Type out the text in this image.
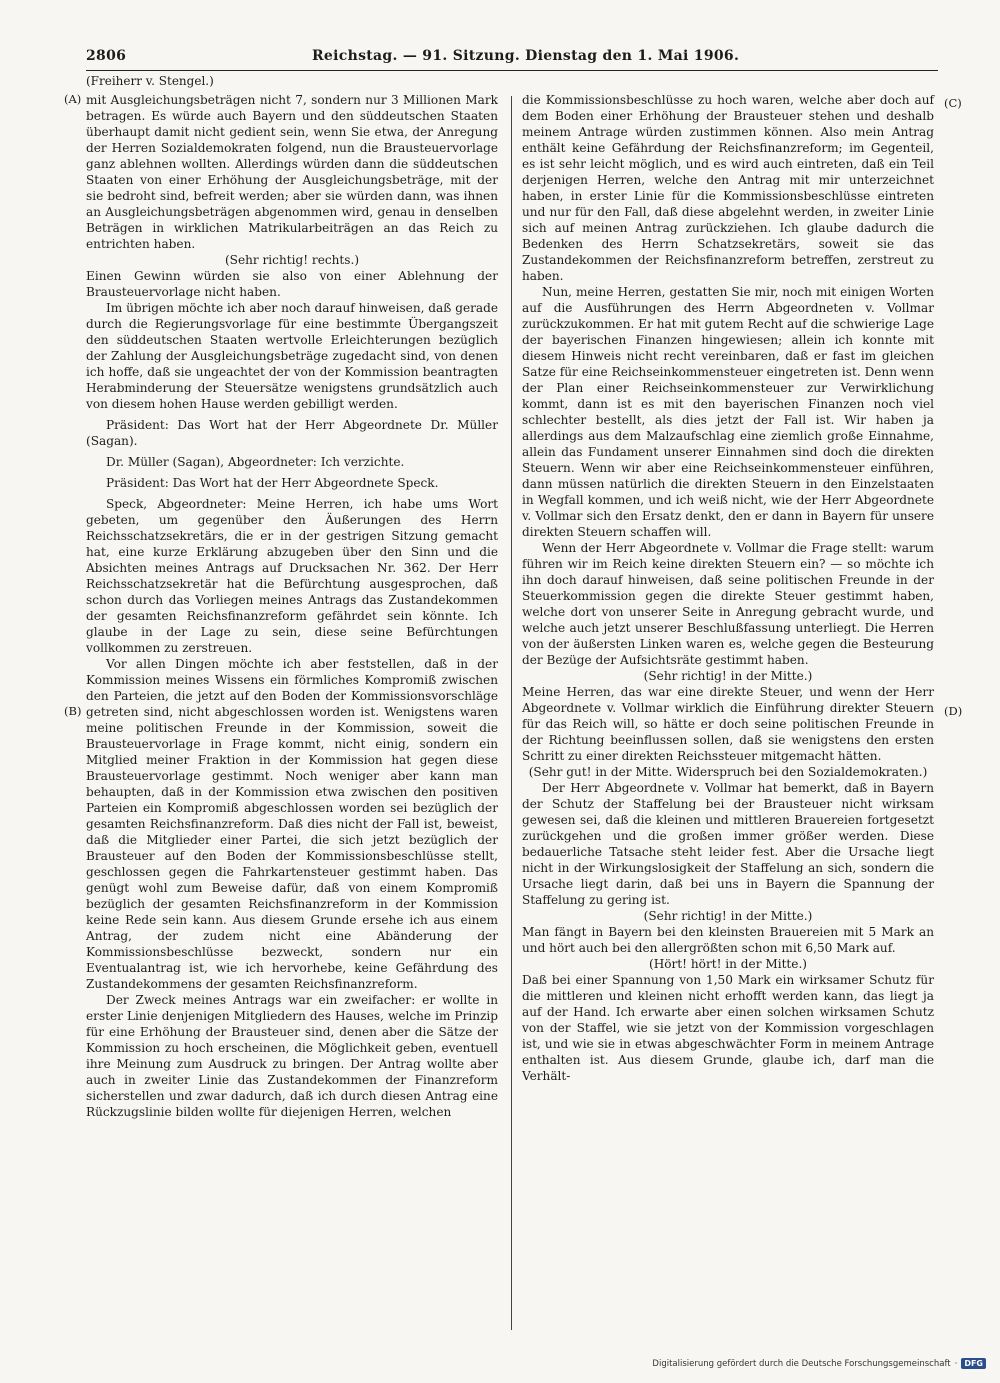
2806	Reichstag. — 91. Sitzung. Dienstag den 1. Mai 1906.
(Freiherr v. Stengel.)
(A)
(B)
(C)
(D)

mit Ausgleichungsbeträgen nicht 7, sondern nur 3 Millionen Mark betragen. Es würde auch Bayern und den süddeutschen Staaten überhaupt damit nicht gedient sein, wenn Sie etwa, der Anregung der Herren Sozialdemokraten folgend, nun die Brausteuervorlage ganz ablehnen wollten. Allerdings würden dann die süddeutschen Staaten von einer Erhöhung der Ausgleichungsbeträge, mit der sie bedroht sind, befreit werden; aber sie würden dann, was ihnen an Ausgleichungsbeträgen abgenommen wird, genau in denselben Beträgen in wirklichen Matrikularbeiträgen an das Reich zu entrichten haben.

(Sehr richtig! rechts.)

Einen Gewinn würden sie also von einer Ablehnung der Brausteuervorlage nicht haben.

Im übrigen möchte ich aber noch darauf hinweisen, daß gerade durch die Regierungsvorlage für eine bestimmte Übergangszeit den süddeutschen Staaten wertvolle Erleichterungen bezüglich der Zahlung der Ausgleichungsbeträge zugedacht sind, von denen ich hoffe, daß sie ungeachtet der von der Kommission beantragten Herabminderung der Steuersätze wenigstens grundsätzlich auch von diesem hohen Hause werden gebilligt werden.

Präsident: Das Wort hat der Herr Abgeordnete Dr. Müller (Sagan).

Dr. Müller (Sagan), Abgeordneter: Ich verzichte.

Präsident: Das Wort hat der Herr Abgeordnete Speck.

Speck, Abgeordneter: Meine Herren, ich habe ums Wort gebeten, um gegenüber den Äußerungen des Herrn Reichsschatzsekretärs, die er in der gestrigen Sitzung gemacht hat, eine kurze Erklärung abzugeben über den Sinn und die Absichten meines Antrags auf Drucksachen Nr. 362. Der Herr Reichsschatzsekretär hat die Befürchtung ausgesprochen, daß schon durch das Vorliegen meines Antrags das Zustandekommen der gesamten Reichsfinanzreform gefährdet sein könnte. Ich glaube in der Lage zu sein, diese seine Befürchtungen vollkommen zu zerstreuen.

Vor allen Dingen möchte ich aber feststellen, daß in der Kommission meines Wissens ein förmliches Kompromiß zwischen den Parteien, die jetzt auf den Boden der Kommissionsvorschläge getreten sind, nicht abgeschlossen worden ist. Wenigstens waren meine politischen Freunde in der Kommission, soweit die Brausteuervorlage in Frage kommt, nicht einig, sondern ein Mitglied meiner Fraktion in der Kommission hat gegen diese Brausteuervorlage gestimmt. Noch weniger aber kann man behaupten, daß in der Kommission etwa zwischen den positiven Parteien ein Kompromiß abgeschlossen worden sei bezüglich der gesamten Reichsfinanzreform. Daß dies nicht der Fall ist, beweist, daß die Mitglieder einer Partei, die sich jetzt bezüglich der Brausteuer auf den Boden der Kommissionsbeschlüsse stellt, geschlossen gegen die Fahrkartensteuer gestimmt haben. Das genügt wohl zum Beweise dafür, daß von einem Kompromiß bezüglich der gesamten Reichsfinanzreform in der Kommission keine Rede sein kann. Aus diesem Grunde ersehe ich aus einem Antrag, der zudem nicht eine Abänderung der Kommissionsbeschlüsse bezweckt, sondern nur ein Eventualantrag ist, wie ich hervorhebe, keine Gefährdung des Zustandekommens der gesamten Reichsfinanzreform.

Der Zweck meines Antrags war ein zweifacher: er wollte in erster Linie denjenigen Mitgliedern des Hauses, welche im Prinzip für eine Erhöhung der Brausteuer sind, denen aber die Sätze der Kommission zu hoch erscheinen, die Möglichkeit geben, eventuell ihre Meinung zum Ausdruck zu bringen. Der Antrag wollte aber auch in zweiter Linie das Zustandekommen der Finanzreform sicherstellen und zwar dadurch, daß ich durch diesen Antrag eine Rückzugslinie bilden wollte für diejenigen Herren, welchen

die Kommissionsbeschlüsse zu hoch waren, welche aber doch auf dem Boden einer Erhöhung der Brausteuer stehen und deshalb meinem Antrage würden zustimmen können. Also mein Antrag enthält keine Gefährdung der Reichsfinanzreform; im Gegenteil, es ist sehr leicht möglich, und es wird auch eintreten, daß ein Teil derjenigen Herren, welche den Antrag mit mir unterzeichnet haben, in erster Linie für die Kommissionsbeschlüsse eintreten und nur für den Fall, daß diese abgelehnt werden, in zweiter Linie sich auf meinen Antrag zurückziehen. Ich glaube dadurch die Bedenken des Herrn Schatzsekretärs, soweit sie das Zustandekommen der Reichsfinanzreform betreffen, zerstreut zu haben.

Nun, meine Herren, gestatten Sie mir, noch mit einigen Worten auf die Ausführungen des Herrn Abgeordneten v. Vollmar zurückzukommen. Er hat mit gutem Recht auf die schwierige Lage der bayerischen Finanzen hingewiesen; allein ich konnte mit diesem Hinweis nicht recht vereinbaren, daß er fast im gleichen Satze für eine Reichseinkommensteuer eingetreten ist. Denn wenn der Plan einer Reichseinkommensteuer zur Verwirklichung kommt, dann ist es mit den bayerischen Finanzen noch viel schlechter bestellt, als dies jetzt der Fall ist. Wir haben ja allerdings aus dem Malzaufschlag eine ziemlich große Einnahme, allein das Fundament unserer Einnahmen sind doch die direkten Steuern. Wenn wir aber eine Reichseinkommensteuer einführen, dann müssen natürlich die direkten Steuern in den Einzelstaaten in Wegfall kommen, und ich weiß nicht, wie der Herr Abgeordnete v. Vollmar sich den Ersatz denkt, den er dann in Bayern für unsere direkten Steuern schaffen will.

Wenn der Herr Abgeordnete v. Vollmar die Frage stellt: warum führen wir im Reich keine direkten Steuern ein? — so möchte ich ihn doch darauf hinweisen, daß seine politischen Freunde in der Steuerkommission gegen die direkte Steuer gestimmt haben, welche dort von unserer Seite in Anregung gebracht wurde, und welche auch jetzt unserer Beschlußfassung unterliegt. Die Herren von der äußersten Linken waren es, welche gegen die Besteurung der Bezüge der Aufsichtsräte gestimmt haben.

(Sehr richtig! in der Mitte.)

Meine Herren, das war eine direkte Steuer, und wenn der Herr Abgeordnete v. Vollmar wirklich die Einführung direkter Steuern für das Reich will, so hätte er doch seine politischen Freunde in der Richtung beeinflussen sollen, daß sie wenigstens den ersten Schritt zu einer direkten Reichssteuer mitgemacht hätten.

(Sehr gut! in der Mitte. Widerspruch bei den Sozialdemokraten.)

Der Herr Abgeordnete v. Vollmar hat bemerkt, daß in Bayern der Schutz der Staffelung bei der Brausteuer nicht wirksam gewesen sei, daß die kleinen und mittleren Brauereien fortgesetzt zurückgehen und die großen immer größer werden. Diese bedauerliche Tatsache steht leider fest. Aber die Ursache liegt nicht in der Wirkungslosigkeit der Staffelung an sich, sondern die Ursache liegt darin, daß bei uns in Bayern die Spannung der Staffelung zu gering ist.

(Sehr richtig! in der Mitte.)

Man fängt in Bayern bei den kleinsten Brauereien mit 5 Mark an und hört auch bei den allergrößten schon mit 6,50 Mark auf.

(Hört! hört! in der Mitte.)

Daß bei einer Spannung von 1,50 Mark ein wirksamer Schutz für die mittleren und kleinen nicht erhofft werden kann, das liegt ja auf der Hand. Ich erwarte aber einen solchen wirksamen Schutz von der Staffel, wie sie jetzt von der Kommission vorgeschlagen ist, und wie sie in etwas abgeschwächter Form in meinem Antrage enthalten ist. Aus diesem Grunde, glaube ich, darf man die Verhält-

Digitalisierung gefördert durch die Deutsche Forschungsgemeinschaft · DFG
